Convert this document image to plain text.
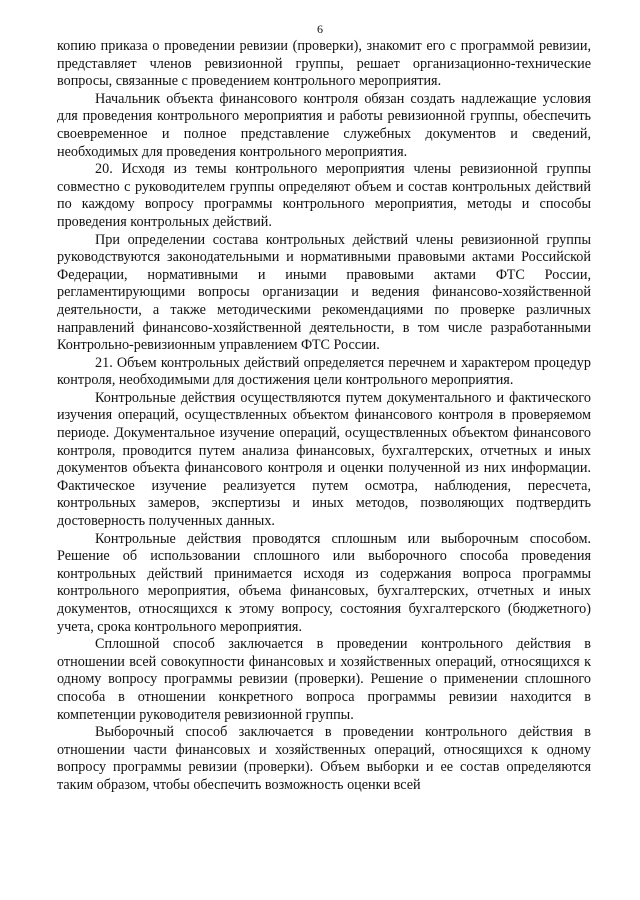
6

копию приказа о проведении ревизии (проверки), знакомит его с программой ревизии, представляет членов ревизионной группы, решает организационно-технические вопросы, связанные с проведением контрольного мероприятия.

Начальник объекта финансового контроля обязан создать надлежащие условия для проведения контрольного мероприятия и работы ревизионной группы, обеспечить своевременное и полное представление служебных документов и сведений, необходимых для проведения контрольного мероприятия.

20. Исходя из темы контрольного мероприятия члены ревизионной группы совместно с руководителем группы определяют объем и состав контрольных действий по каждому вопросу программы контрольного мероприятия, методы и способы проведения контрольных действий.

При определении состава контрольных действий члены ревизионной группы руководствуются законодательными и нормативными правовыми актами Российской Федерации, нормативными и иными правовыми актами ФТС России, регламентирующими вопросы организации и ведения финансово-хозяйственной деятельности, а также методическими рекомендациями по проверке различных направлений финансово-хозяйственной деятельности, в том числе разработанными Контрольно-ревизионным управлением ФТС России.

21. Объем контрольных действий определяется перечнем и характером процедур контроля, необходимыми для достижения цели контрольного мероприятия.

Контрольные действия осуществляются путем документального и фактического изучения операций, осуществленных объектом финансового контроля в проверяемом периоде. Документальное изучение операций, осуществленных объектом финансового контроля, проводится путем анализа финансовых, бухгалтерских, отчетных и иных документов объекта финансового контроля и оценки полученной из них информации. Фактическое изучение реализуется путем осмотра, наблюдения, пересчета, контрольных замеров, экспертизы и иных методов, позволяющих подтвердить достоверность полученных данных.

Контрольные действия проводятся сплошным или выборочным способом. Решение об использовании сплошного или выборочного способа проведения контрольных действий принимается исходя из содержания вопроса программы контрольного мероприятия, объема финансовых, бухгалтерских, отчетных и иных документов, относящихся к этому вопросу, состояния бухгалтерского (бюджетного) учета, срока контрольного мероприятия.

Сплошной способ заключается в проведении контрольного действия в отношении всей совокупности финансовых и хозяйственных операций, относящихся к одному вопросу программы ревизии (проверки). Решение о применении сплошного способа в отношении конкретного вопроса программы ревизии находится в компетенции руководителя ревизионной группы.

Выборочный способ заключается в проведении контрольного действия в отношении части финансовых и хозяйственных операций, относящихся к одному вопросу программы ревизии (проверки). Объем выборки и ее состав определяются таким образом, чтобы обеспечить возможность оценки всей
